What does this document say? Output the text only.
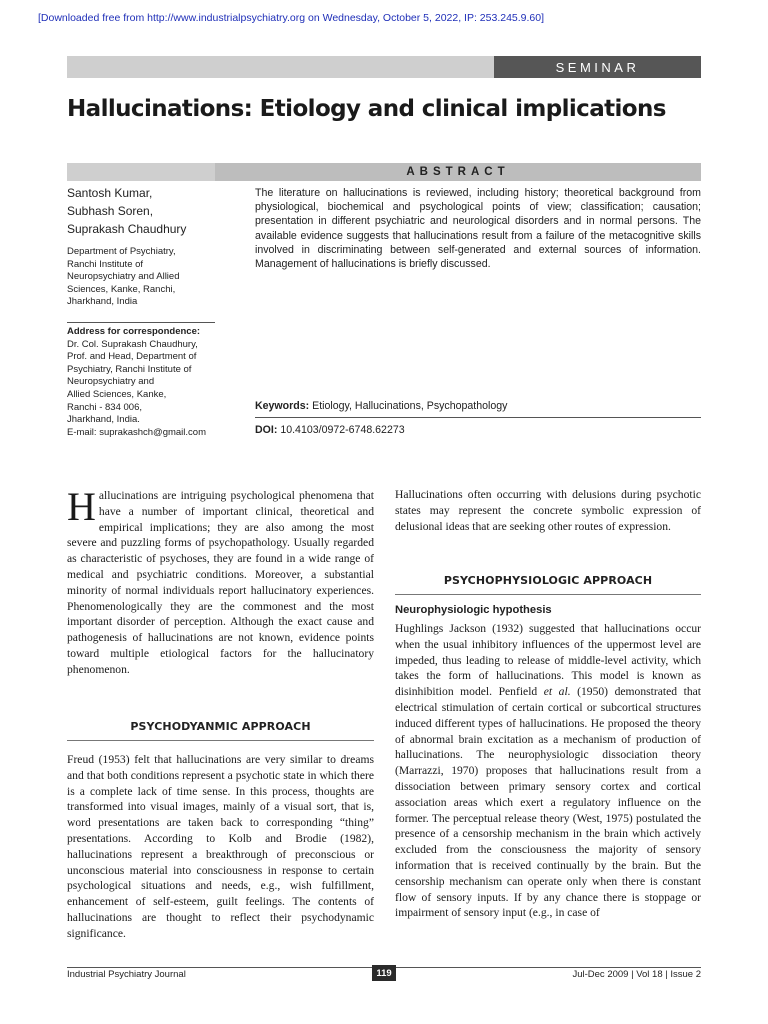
[Downloaded free from http://www.industrialpsychiatry.org on Wednesday, October 5, 2022, IP: 253.245.9.60]
SEMINAR
Hallucinations: Etiology and clinical implications
ABSTRACT
Santosh Kumar,
Subhash Soren,
Suprakash Chaudhury
Department of Psychiatry,
Ranchi Institute of
Neuropsychiatry and Allied
Sciences, Kanke, Ranchi,
Jharkhand, India
Address for correspondence:
Dr. Col. Suprakash Chaudhury,
Prof. and Head, Department of
Psychiatry, Ranchi Institute of
Neuropsychiatry and
Allied Sciences, Kanke,
Ranchi - 834 006,
Jharkhand, India.
E-mail: suprakashch@gmail.com
The literature on hallucinations is reviewed, including history; theoretical background from physiological, biochemical and psychological points of view; classification; causation; presentation in different psychiatric and neurological disorders and in normal persons. The available evidence suggests that hallucinations result from a failure of the metacognitive skills involved in discriminating between self-generated and external sources of information. Management of hallucinations is briefly discussed.
Keywords: Etiology, Hallucinations, Psychopathology
DOI: 10.4103/0972-6748.62273
Hallucinations are intriguing psychological phenomena that have a number of important clinical, theoretical and empirical implications; they are also among the most severe and puzzling forms of psychopathology. Usually regarded as characteristic of psychoses, they are found in a wide range of medical and psychiatric conditions. Moreover, a substantial minority of normal individuals report hallucinatory experiences. Phenomenologically they are the commonest and the most important disorder of perception. Although the exact cause and pathogenesis of hallucinations are not known, evidence points toward multiple etiological factors for the hallucinatory phenomenon.
PSYCHODYANMIC APPROACH
Freud (1953) felt that hallucinations are very similar to dreams and that both conditions represent a psychotic state in which there is a complete lack of time sense. In this process, thoughts are transformed into visual images, mainly of a visual sort, that is, word presentations are taken back to corresponding “thing” presentations. According to Kolb and Brodie (1982), hallucinations represent a breakthrough of preconscious or unconscious material into consciousness in response to certain psychological situations and needs, e.g., wish fulfillment, enhancement of self-esteem, guilt feelings. The contents of hallucinations are thought to reflect their psychodynamic significance.
Hallucinations often occurring with delusions during psychotic states may represent the concrete symbolic expression of delusional ideas that are seeking other routes of expression.
PSYCHOPHYSIOLOGIC APPROACH
Neurophysiologic hypothesis
Hughlings Jackson (1932) suggested that hallucinations occur when the usual inhibitory influences of the uppermost level are impeded, thus leading to release of middle-level activity, which takes the form of hallucinations. This model is known as disinhibition model. Penfield et al. (1950) demonstrated that electrical stimulation of certain cortical or subcortical structures induced different types of hallucinations. He proposed the theory of abnormal brain excitation as a mechanism of production of hallucinations. The neurophysiologic dissociation theory (Marrazzi, 1970) proposes that hallucinations result from a dissociation between primary sensory cortex and cortical association areas which exert a regulatory influence on the former. The perceptual release theory (West, 1975) postulated the presence of a censorship mechanism in the brain which actively excluded from the consciousness the majority of sensory information that is received continually by the brain. But the censorship mechanism can operate only when there is constant flow of sensory inputs. If by any chance there is stoppage or impairment of sensory input (e.g., in case of
Industrial Psychiatry Journal	119	Jul-Dec 2009 | Vol 18 | Issue 2
